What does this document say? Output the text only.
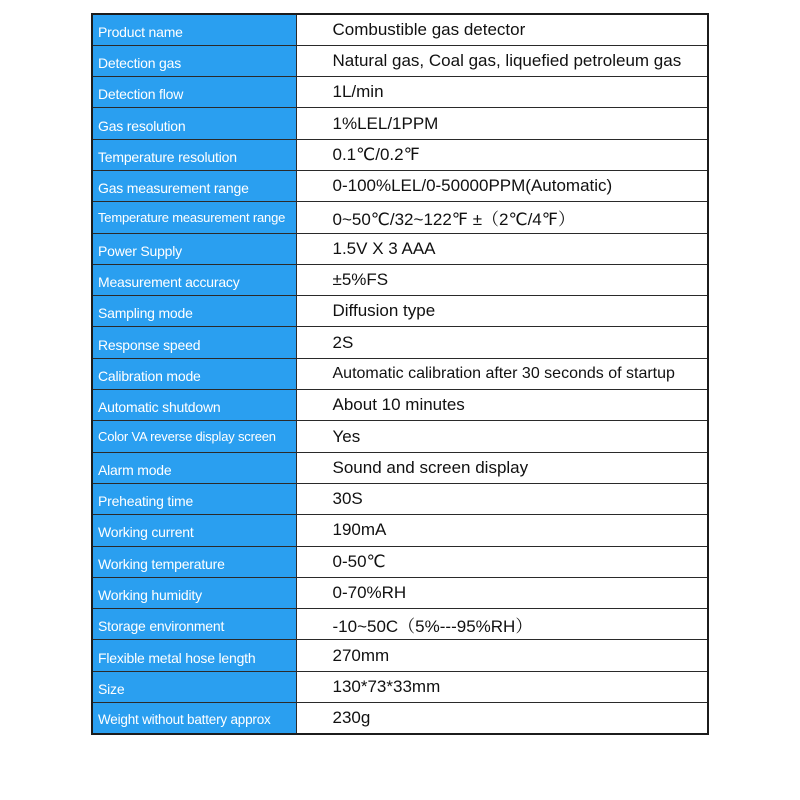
Product name	Combustible gas detector
Detection gas	Natural gas, Coal gas, liquefied petroleum gas
Detection flow	1L/min
Gas resolution	1%LEL/1PPM
Temperature resolution	0.1℃/0.2℉
Gas measurement range	0-100%LEL/0-50000PPM(Automatic)
Temperature measurement range	0~50℃/32~122℉ ±（2℃/4℉）
Power Supply	1.5V X 3 AAA
Measurement accuracy	±5%FS
Sampling mode	Diffusion type
Response speed	2S
Calibration mode	Automatic calibration after 30 seconds of startup
Automatic shutdown	About 10 minutes
Color VA reverse display screen	Yes
Alarm mode	Sound and screen display
Preheating time	30S
Working current	190mA
Working temperature	0-50℃
Working humidity	0-70%RH
Storage environment	-10~50C（5%---95%RH）
Flexible metal hose length	270mm
Size	130*73*33mm
Weight without battery approx	230g
